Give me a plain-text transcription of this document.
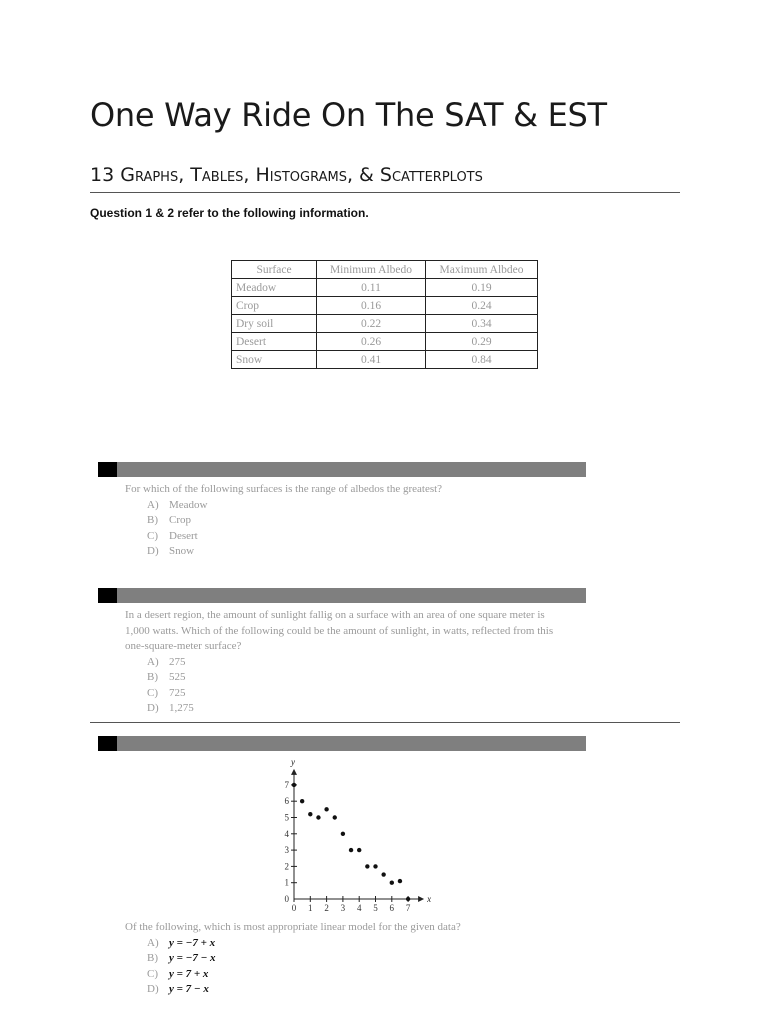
One Way Ride On The SAT & EST
13 Graphs, Tables, Histograms, & Scatterplots
Question 1 & 2 refer to the following information.
Surface	Minimum Albedo	Maximum Albdeo
Meadow	0.11	0.19
Crop	0.16	0.24
Dry soil	0.22	0.34
Desert	0.26	0.29
Snow	0.41	0.84
For which of the following surfaces is the range of albedos the greatest?
A) Meadow
B) Crop
C) Desert
D) Snow
In a desert region, the amount of sunlight fallig on a surface with an area of one square meter is
1,000 watts. Which of the following could be the amount of sunlight, in watts, reflected from this
one-square-meter surface?
A) 275
B) 525
C) 725
D) 1,275
x
y
0 1 2 3 4 5 6 7
1
2
3
4
5
6
7
0
Of the following, which is most appropriate linear model for the given data?
A) y = −7 + x
B) y = −7 − x
C) y = 7 + x
D) y = 7 − x
